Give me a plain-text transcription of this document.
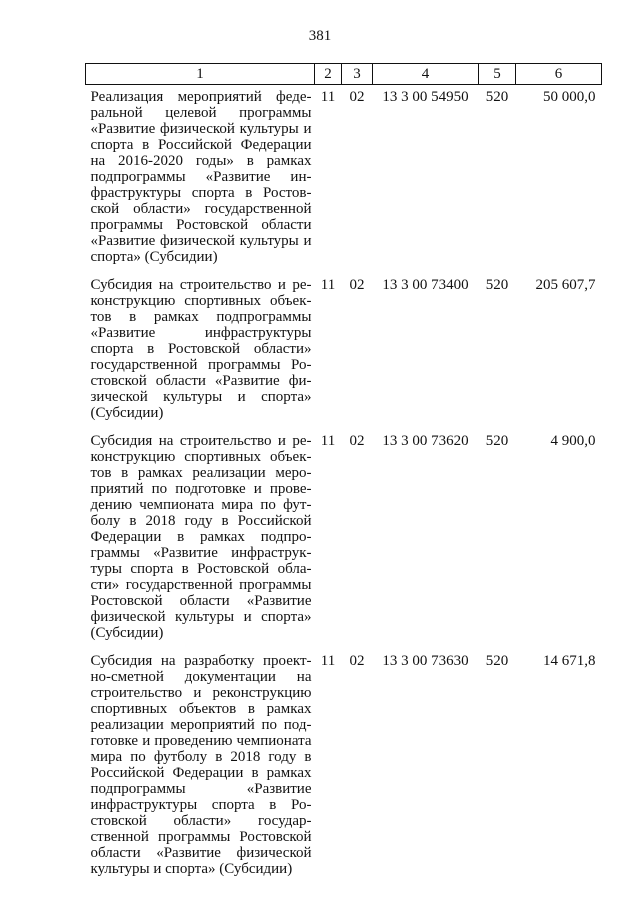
381
1	2	3	4	5	6
Реализация мероприятий федеральной целевой программы «Развитие физической культуры и спорта в Российской Федерации на 2016-2020 годы» в рамках подпрограммы «Развитие инфраструктуры спорта в Ростовской области» государственной программы Ростовской области «Развитие физической культуры и спорта» (Субсидии)	11	02	13 3 00 54950	520	50 000,0
Субсидия на строительство и реконструкцию спортивных объектов в рамках подпрограммы «Развитие инфраструктуры спорта в Ростовской области» государственной программы Ростовской области «Развитие физической культуры и спорта» (Субсидии)	11	02	13 3 00 73400	520	205 607,7
Субсидия на строительство и реконструкцию спортивных объектов в рамках реализации мероприятий по подготовке и проведению чемпионата мира по футболу в 2018 году в Российской Федерации в рамках подпрограммы «Развитие инфраструктуры спорта в Ростовской области» государственной программы Ростовской области «Развитие физической культуры и спорта» (Субсидии)	11	02	13 3 00 73620	520	4 900,0
Субсидия на разработку проектно-сметной документации на строительство и реконструкцию спортивных объектов в рамках реализации мероприятий по подготовке и проведению чемпионата мира по футболу в 2018 году в Российской Федерации в рамках подпрограммы «Развитие инфраструктуры спорта в Ростовской области» государственной программы Ростовской области «Развитие физической культуры и спорта» (Субсидии)	11	02	13 3 00 73630	520	14 671,8
